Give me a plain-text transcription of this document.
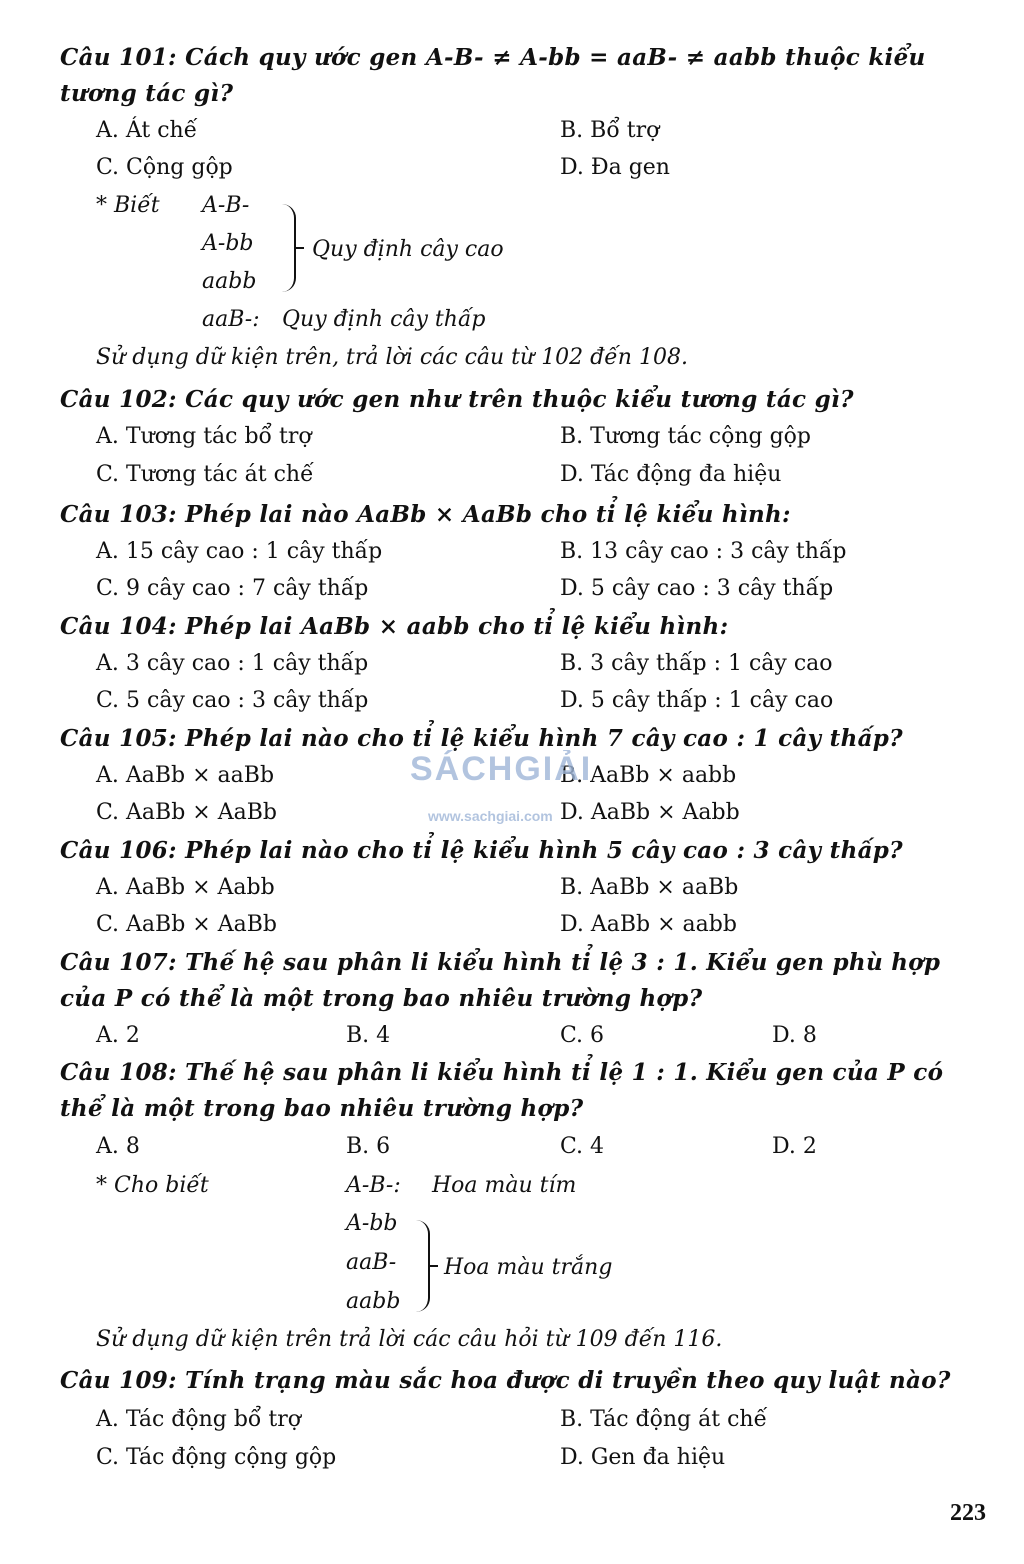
Câu 101: Cách quy ước gen A-B- ≠ A-bb = aaB- ≠ aabb thuộc kiểu tương tác gì?
A. Át chế	B. Bổ trợ
C. Cộng gộp	D. Đa gen
* Biết A-B-
A-bb
aabb
Quy định cây cao
aaB-: Quy định cây thấp
Sử dụng dữ kiện trên, trả lời các câu từ 102 đến 108.
Câu 102: Các quy ước gen như trên thuộc kiểu tương tác gì?
A. Tương tác bổ trợ	B. Tương tác cộng gộp
C. Tương tác át chế	D. Tác động đa hiệu
Câu 103: Phép lai nào AaBb × AaBb cho tỉ lệ kiểu hình:
A. 15 cây cao : 1 cây thấp	B. 13 cây cao : 3 cây thấp
C. 9 cây cao : 7 cây thấp	D. 5 cây cao : 3 cây thấp
Câu 104: Phép lai AaBb × aabb cho tỉ lệ kiểu hình:
A. 3 cây cao : 1 cây thấp	B. 3 cây thấp : 1 cây cao
C. 5 cây cao : 3 cây thấp	D. 5 cây thấp : 1 cây cao
Câu 105: Phép lai nào cho tỉ lệ kiểu hình 7 cây cao : 1 cây thấp?
A. AaBb × aaBb	B. AaBb × aabb
C. AaBb × AaBb	D. AaBb × Aabb
SÁCHGIẢI
www.sachgiai.com
Câu 106: Phép lai nào cho tỉ lệ kiểu hình 5 cây cao : 3 cây thấp?
A. AaBb × Aabb	B. AaBb × aaBb
C. AaBb × AaBb	D. AaBb × aabb
Câu 107: Thế hệ sau phân li kiểu hình tỉ lệ 3 : 1. Kiểu gen phù hợp của P có thể là một trong bao nhiêu trường hợp?
A. 2	B. 4	C. 6	D. 8
Câu 108: Thế hệ sau phân li kiểu hình tỉ lệ 1 : 1. Kiểu gen của P có thể là một trong bao nhiêu trường hợp?
A. 8	B. 6	C. 4	D. 2
* Cho biết	A-B-: Hoa màu tím
A-bb
aaB-
aabb
Hoa màu trắng
Sử dụng dữ kiện trên trả lời các câu hỏi từ 109 đến 116.
Câu 109: Tính trạng màu sắc hoa được di truyền theo quy luật nào?
A. Tác động bổ trợ	B. Tác động át chế
C. Tác động cộng gộp	D. Gen đa hiệu
223
